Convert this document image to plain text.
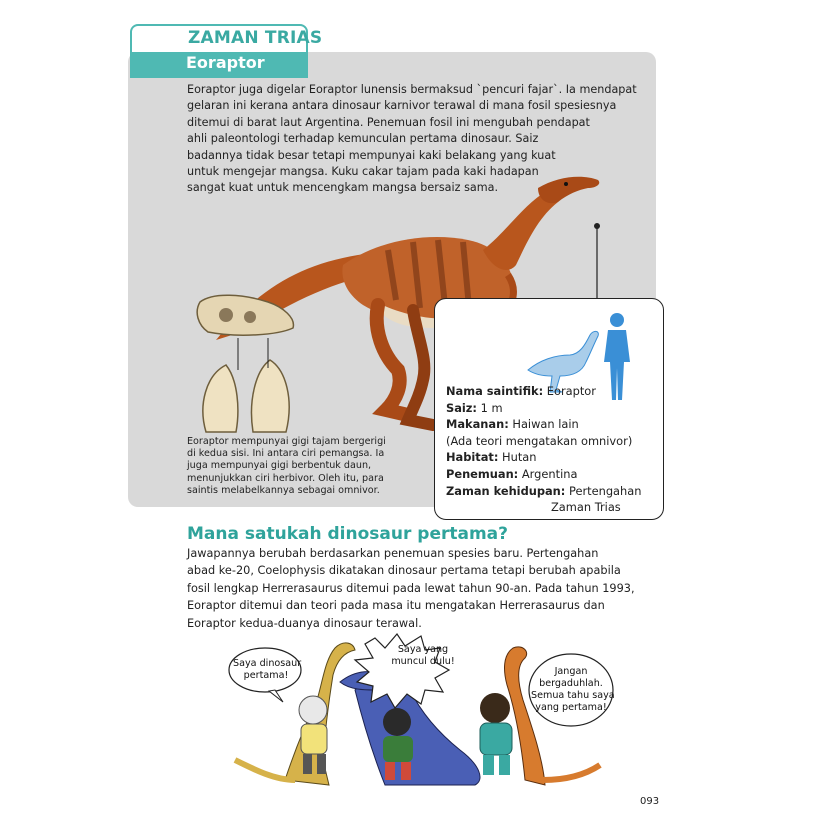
ZAMAN TRIAS
Eoraptor
Eoraptor juga digelar Eoraptor lunensis bermaksud `pencuri fajar`. Ia mendapat
gelaran ini kerana antara dinosaur karnivor terawal di mana fosil spesiesnya
ditemui di barat laut Argentina. Penemuan fosil ini mengubah pendapat
ahli paleontologi terhadap kemunculan pertama dinosaur. Saiz
badannya tidak besar tetapi mempunyai kaki belakang yang kuat
untuk mengejar mangsa. Kuku cakar tajam pada kaki hadapan
sangat kuat untuk mencengkam mangsa bersaiz sama.
Eoraptor mempunyai gigi tajam bergerigi
di kedua sisi. Ini antara ciri pemangsa. Ia
juga mempunyai gigi berbentuk daun,
menunjukkan ciri herbivor. Oleh itu, para
saintis melabelkannya sebagai omnivor.
Nama saintifik: Eoraptor
Saiz: 1 m
Makanan: Haiwan lain
(Ada teori mengatakan omnivor)
Habitat: Hutan
Penemuan: Argentina
Zaman kehidupan: Pertengahan
Zaman Trias
Mana satukah dinosaur pertama?
Jawapannya berubah berdasarkan penemuan spesies baru. Pertengahan
abad ke-20, Coelophysis dikatakan dinosaur pertama tetapi berubah apabila
fosil lengkap Herrerasaurus ditemui pada lewat tahun 90-an. Pada tahun 1993,
Eoraptor ditemui dan teori pada masa itu mengatakan Herrerasaurus dan
Eoraptor kedua-duanya dinosaur terawal.
Saya dinosaur
pertama!
Saya yang
muncul dulu!
Jangan
bergaduhlah.
Semua tahu saya
yang pertama!
093
